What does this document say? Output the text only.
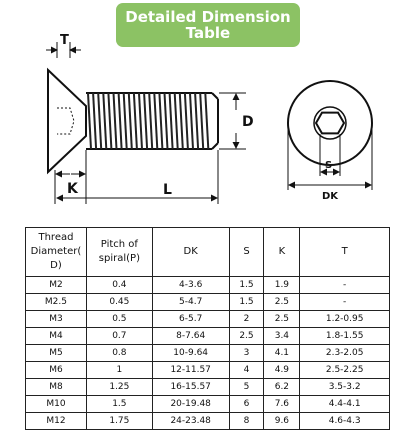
Detailed Dimension
Table
T
D
K	L
S
DK
Thread Diameter( D)	Pitch of spiral(P)	DK	S	K	T
M2	0.4	4-3.6	1.5	1.9	-
M2.5	0.45	5-4.7	1.5	2.5	-
M3	0.5	6-5.7	2	2.5	1.2-0.95
M4	0.7	8-7.64	2.5	3.4	1.8-1.55
M5	0.8	10-9.64	3	4.1	2.3-2.05
M6	1	12-11.57	4	4.9	2.5-2.25
M8	1.25	16-15.57	5	6.2	3.5-3.2
M10	1.5	20-19.48	6	7.6	4.4-4.1
M12	1.75	24-23.48	8	9.6	4.6-4.3
